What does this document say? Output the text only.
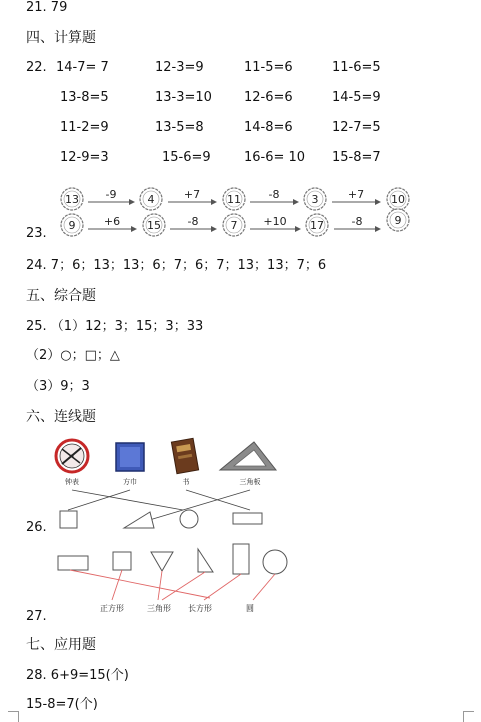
21. 79
四、计算题
22. 14-7= 7	12-3=9	11-5=6	11-6=5
13-8=5	13-3=10 12-6=6	14-5=9
11-2=9	13-5=8	14-8=6	12-7=5
12-9=3	15-6=9	16-6= 10 15-8=7
23.
13	4	11	3	10
-9	+7	-8	+7
9	15	7	17	9
+6	-8	+10	-8
24. 7；6；13；13；6；7；6；7；13；13；7；6
五、综合题
25. （1）12；3；15；3；33
（2）○；□；△
（3）9；3
六、连线题
26.
钟表	方巾	书	三角板
27.
正方形	三角形 长方形	圆
七、应用题
28. 6+9=15(个)
15-8=7(个)
